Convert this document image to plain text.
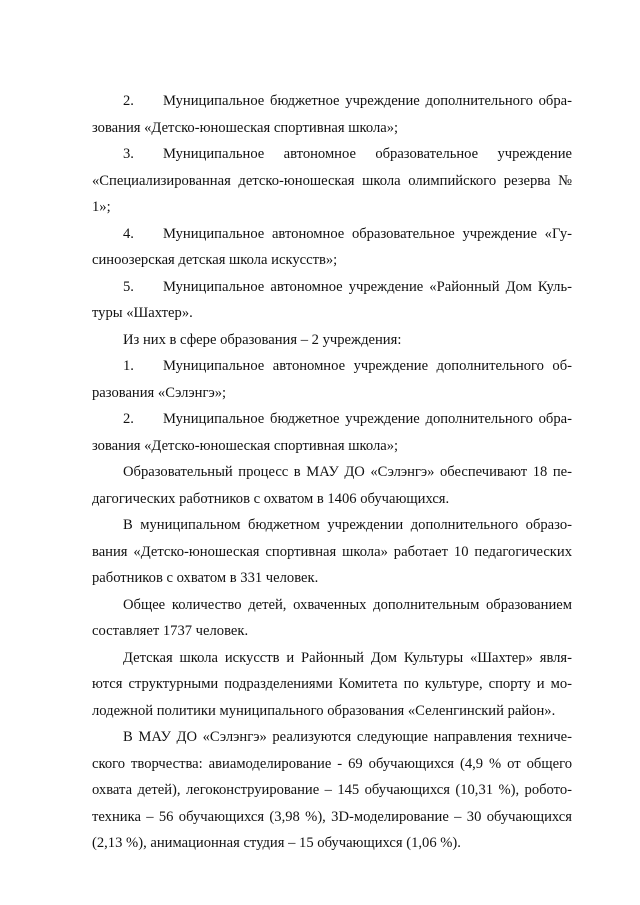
2. Муниципальное бюджетное учреждение дополнительного обра-зования «Детско-юношеская спортивная школа»;

3. Муниципальное автономное образовательное учреждение «Специализированная детско-юношеская школа олимпийского резерва № 1»;

4. Муниципальное автономное образовательное учреждение «Гу-синоозерская детская школа искусств»;

5. Муниципальное автономное учреждение «Районный Дом Куль-туры «Шахтер».

Из них в сфере образования – 2 учреждения:

1. Муниципальное автономное учреждение дополнительного об-разования «Сэлэнгэ»;

2. Муниципальное бюджетное учреждение дополнительного обра-зования «Детско-юношеская спортивная школа»;

Образовательный процесс в МАУ ДО «Сэлэнгэ» обеспечивают 18 пе-дагогических работников с охватом в 1406 обучающихся.

В муниципальном бюджетном учреждении дополнительного образо-вания «Детско-юношеская спортивная школа» работает 10 педагогических работников с охватом в 331 человек.

Общее количество детей, охваченных дополнительным образованием составляет 1737 человек.

Детская школа искусств и Районный Дом Культуры «Шахтер» явля-ются структурными подразделениями Комитета по культуре, спорту и мо-лодежной политики муниципального образования «Селенгинский район».

В МАУ ДО «Сэлэнгэ» реализуются следующие направления техниче-ского творчества: авиамоделирование - 69 обучающихся (4,9 % от общего охвата детей), легоконструирование – 145 обучающихся (10,31 %), робото-техника – 56 обучающихся (3,98 %), 3D-моделирование – 30 обучающихся (2,13 %), анимационная студия – 15 обучающихся (1,06 %).
